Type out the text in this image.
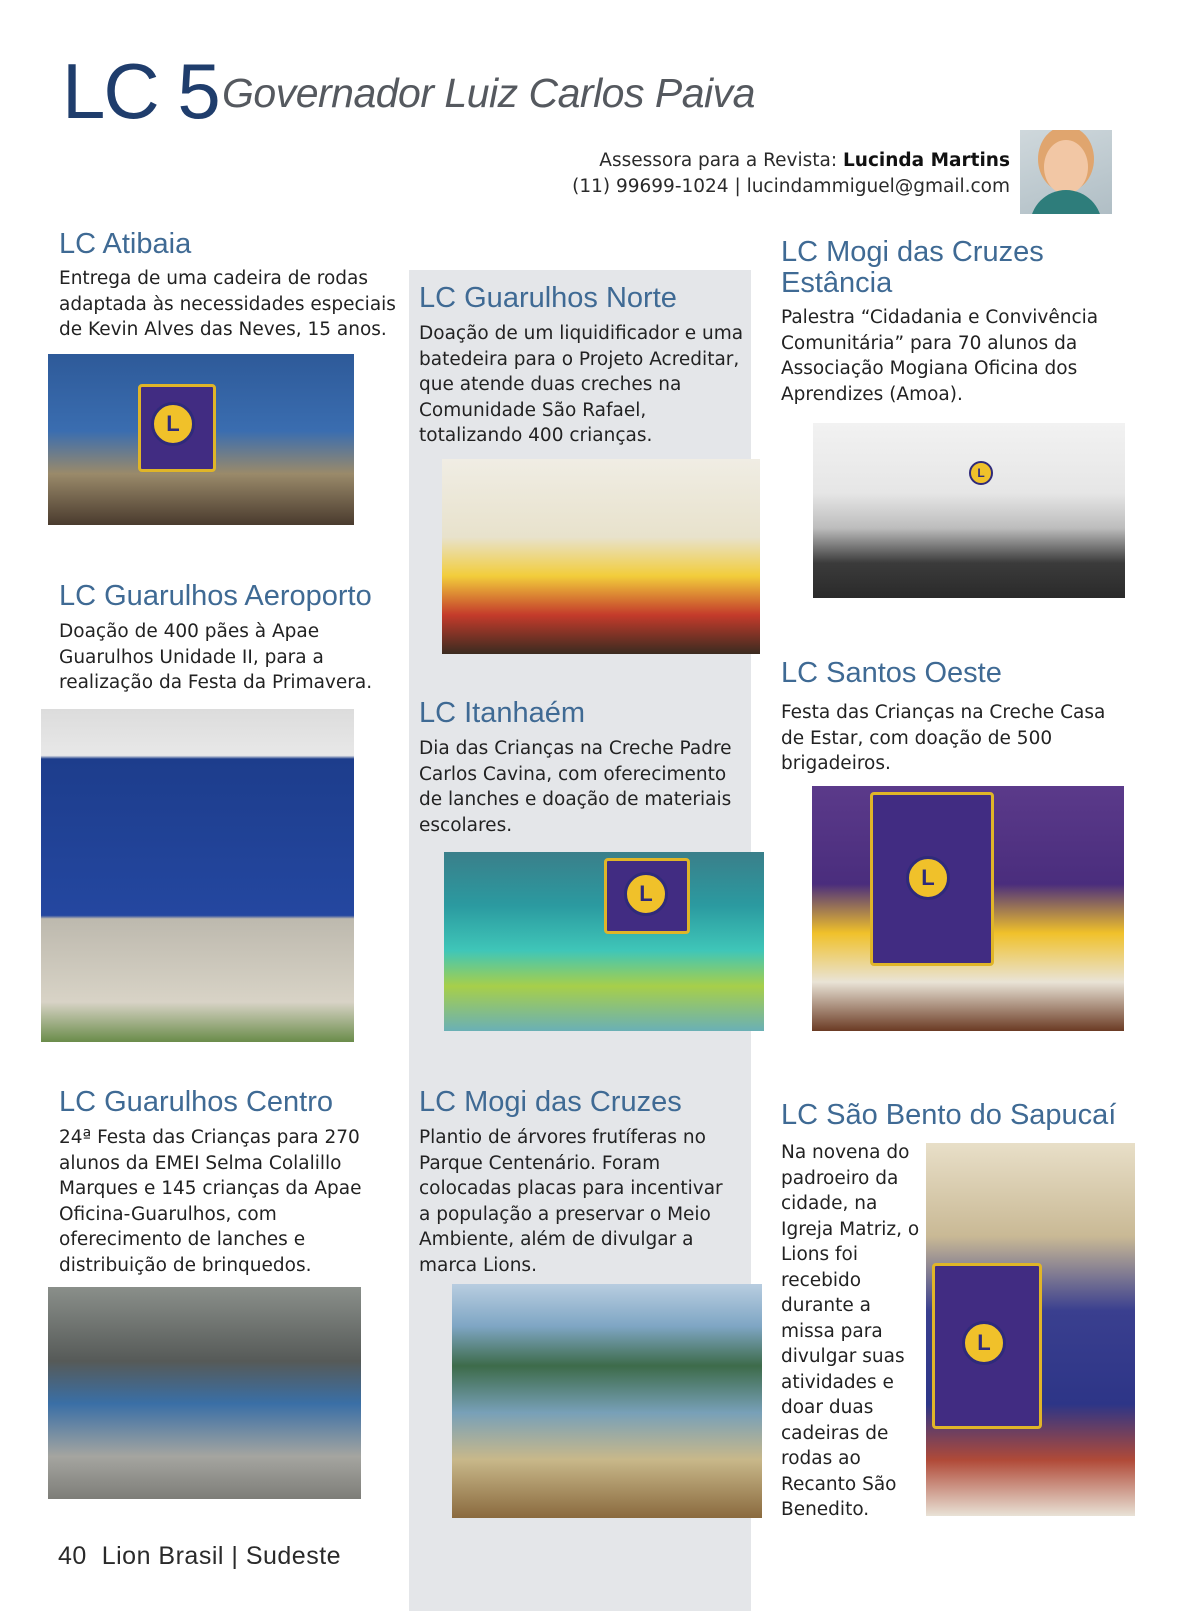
LC 5 Governador Luiz Carlos Paiva
Assessora para a Revista: Lucinda Martins
(11) 99699-1024 | lucindammiguel@gmail.com
LC Atibaia
Entrega de uma cadeira de rodas adaptada às necessidades especiais de Kevin Alves das Neves, 15 anos.
L
LC Guarulhos Aeroporto
Doação de 400 pães à Apae Guarulhos Unidade II, para a realização da Festa da Primavera.
LC Guarulhos Centro
24ª Festa das Crianças para 270 alunos da EMEI Selma Colalillo Marques e 145 crianças da Apae Oficina-Guarulhos, com oferecimento de lanches e distribuição de brinquedos.
LC Guarulhos Norte
Doação de um liquidificador e uma batedeira para o Projeto Acreditar, que atende duas creches na Comunidade São Rafael, totalizando 400 crianças.
LC Itanhaém
Dia das Crianças na Creche Padre Carlos Cavina, com oferecimento de lanches e doação de materiais escolares.
L
LC Mogi das Cruzes
Plantio de árvores frutíferas no Parque Centenário. Foram colocadas placas para incentivar a população a preservar o Meio Ambiente, além de divulgar a marca Lions.
LC Mogi das Cruzes
Estância
Palestra “Cidadania e Convivência Comunitária” para 70 alunos da Associação Mogiana Oficina dos Aprendizes (Amoa).
L
LC Santos Oeste
Festa das Crianças na Creche Casa de Estar, com doação de 500 brigadeiros.
L
LC São Bento do Sapucaí
Na novena do padroeiro da cidade, na Igreja Matriz, o Lions foi recebido durante a missa para divulgar suas atividades e doar duas cadeiras de rodas ao Recanto São Benedito.
L
40 Lion Brasil | Sudeste
